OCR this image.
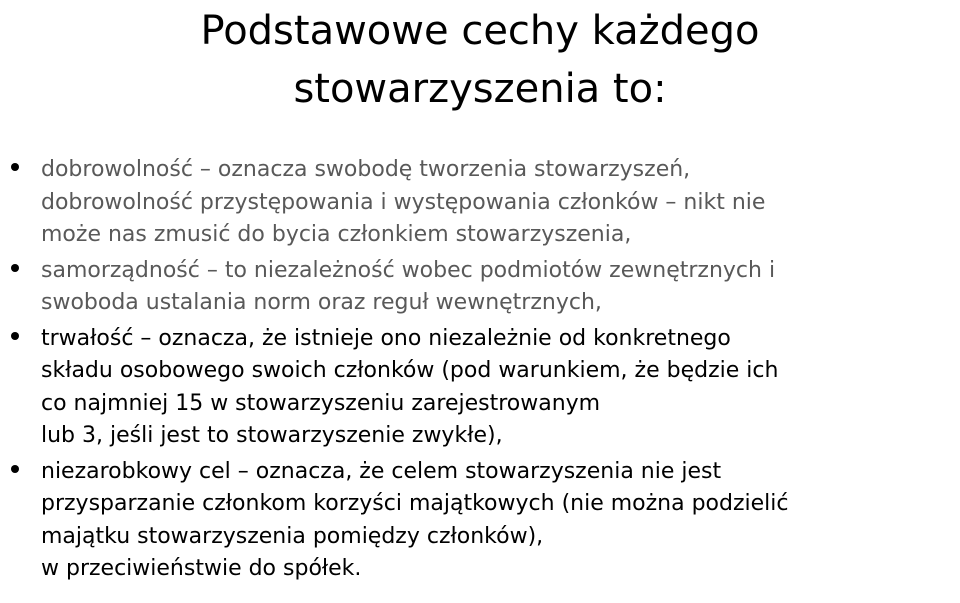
Podstawowe cechy każdego
stowarzyszenia to:
dobrowolność – oznacza swobodę tworzenia stowarzyszeń,
dobrowolność przystępowania i występowania członków – nikt nie
może nas zmusić do bycia członkiem stowarzyszenia,
samorządność – to niezależność wobec podmiotów zewnętrznych i
swoboda ustalania norm oraz reguł wewnętrznych,
trwałość – oznacza, że istnieje ono niezależnie od konkretnego
składu osobowego swoich członków (pod warunkiem, że będzie ich
co najmniej 15 w stowarzyszeniu zarejestrowanym
lub 3, jeśli jest to stowarzyszenie zwykłe),
niezarobkowy cel – oznacza, że celem stowarzyszenia nie jest
przysparzanie członkom korzyści majątkowych (nie można podzielić
majątku stowarzyszenia pomiędzy członków),
w przeciwieństwie do spółek.
